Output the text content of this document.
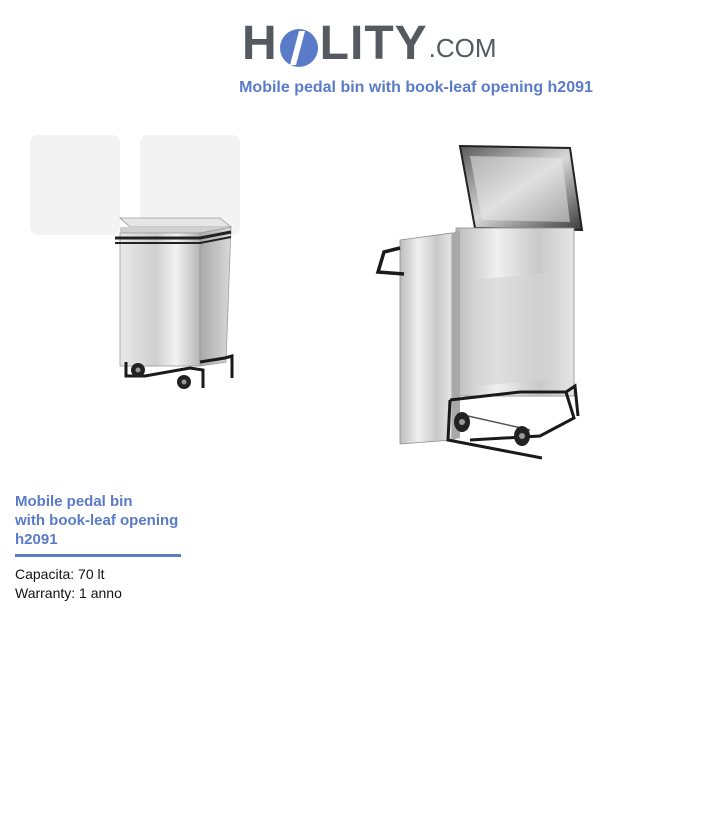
H LITY .COM
Mobile pedal bin with book-leaf opening h2091
Mobile pedal bin
with book-leaf opening
h2091
Capacita: 70 lt
Warranty: 1 anno
